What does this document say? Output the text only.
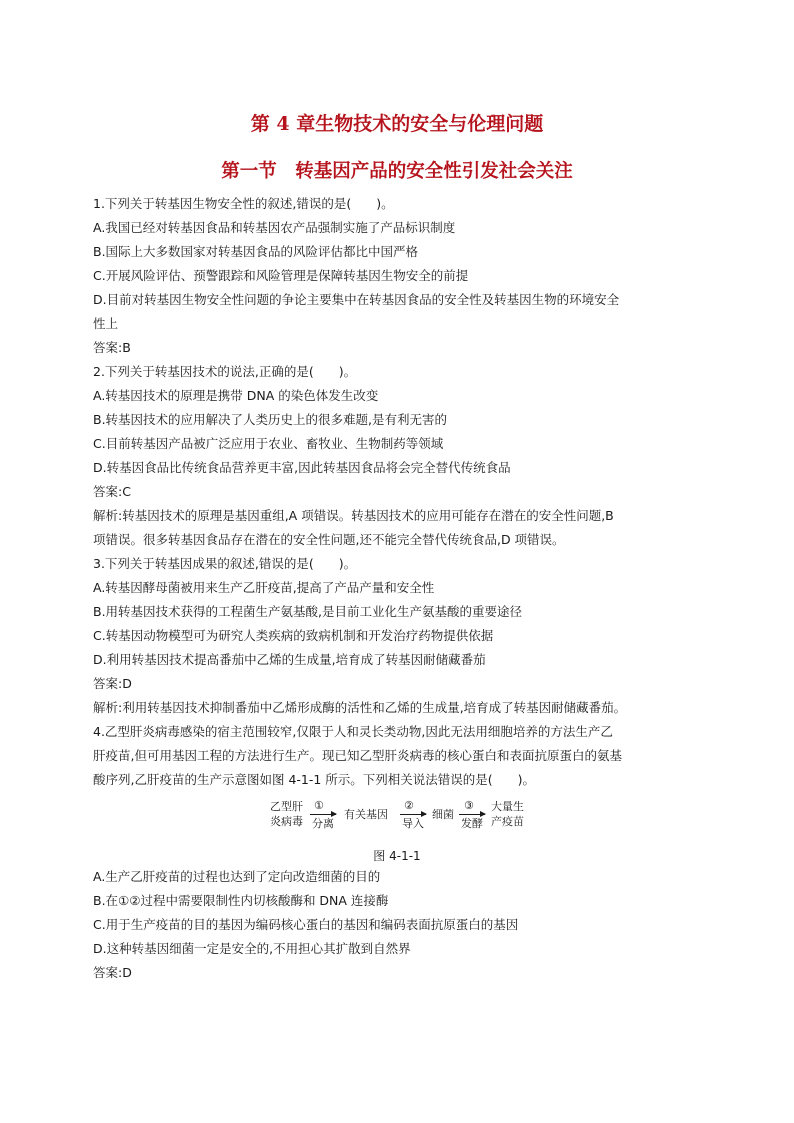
第 4 章生物技术的安全与伦理问题
第一节　转基因产品的安全性引发社会关注
1.下列关于转基因生物安全性的叙述,错误的是(　　)。
A.我国已经对转基因食品和转基因农产品强制实施了产品标识制度
B.国际上大多数国家对转基因食品的风险评估都比中国严格
C.开展风险评估、预警跟踪和风险管理是保障转基因生物安全的前提
D.目前对转基因生物安全性问题的争论主要集中在转基因食品的安全性及转基因生物的环境安全
性上
答案:B
2.下列关于转基因技术的说法,正确的是(　　)。
A.转基因技术的原理是携带 DNA 的染色体发生改变
B.转基因技术的应用解决了人类历史上的很多难题,是有利无害的
C.目前转基因产品被广泛应用于农业、畜牧业、生物制药等领域
D.转基因食品比传统食品营养更丰富,因此转基因食品将会完全替代传统食品
答案:C
解析:转基因技术的原理是基因重组,A 项错误。转基因技术的应用可能存在潜在的安全性问题,B
项错误。很多转基因食品存在潜在的安全性问题,还不能完全替代传统食品,D 项错误。
3.下列关于转基因成果的叙述,错误的是(　　)。
A.转基因酵母菌被用来生产乙肝疫苗,提高了产品产量和安全性
B.用转基因技术获得的工程菌生产氨基酸,是目前工业化生产氨基酸的重要途径
C.转基因动物模型可为研究人类疾病的致病机制和开发治疗药物提供依据
D.利用转基因技术提高番茄中乙烯的生成量,培育成了转基因耐储藏番茄
答案:D
解析:利用转基因技术抑制番茄中乙烯形成酶的活性和乙烯的生成量,培育成了转基因耐储藏番茄。
4.乙型肝炎病毒感染的宿主范围较窄,仅限于人和灵长类动物,因此无法用细胞培养的方法生产乙
肝疫苗,但可用基因工程的方法进行生产。现已知乙型肝炎病毒的核心蛋白和表面抗原蛋白的氨基
酸序列,乙肝疫苗的生产示意图如图 4-1-1 所示。下列相关说法错误的是(　　)。
乙型肝
炎病毒
①
分离
有关基因
②
导入
细菌
③
发酵
大量生
产疫苗
图 4-1-1
A.生产乙肝疫苗的过程也达到了定向改造细菌的目的
B.在①②过程中需要限制性内切核酸酶和 DNA 连接酶
C.用于生产疫苗的目的基因为编码核心蛋白的基因和编码表面抗原蛋白的基因
D.这种转基因细菌一定是安全的,不用担心其扩散到自然界
答案:D
